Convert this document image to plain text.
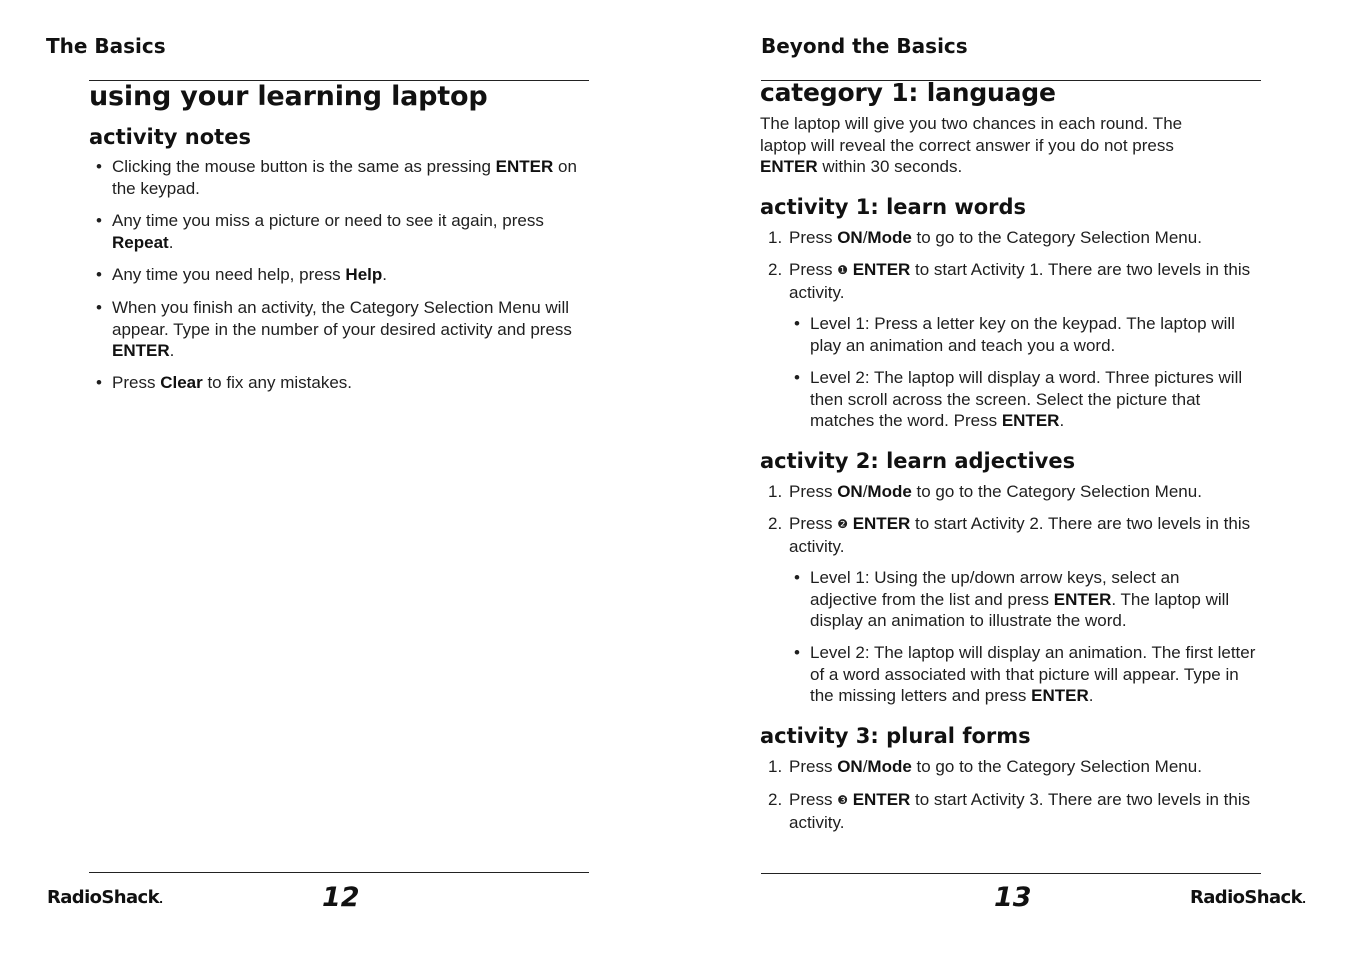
The Basics
using your learning laptop
activity notes
• Clicking the mouse button is the same as pressing ENTER on the keypad.
• Any time you miss a picture or need to see it again, press Repeat.
• Any time you need help, press Help.
• When you finish an activity, the Category Selection Menu will appear. Type in the number of your desired activity and press ENTER.
• Press Clear to fix any mistakes.
RadioShack.	12
Beyond the Basics
category 1: language
The laptop will give you two chances in each round. The laptop will reveal the correct answer if you do not press ENTER within 30 seconds.
activity 1: learn words
1. Press ON/Mode to go to the Category Selection Menu.
2. Press ❶ ENTER to start Activity 1. There are two levels in this activity.
• Level 1: Press a letter key on the keypad. The laptop will play an animation and teach you a word.
• Level 2: The laptop will display a word. Three pictures will then scroll across the screen. Select the picture that matches the word. Press ENTER.
activity 2: learn adjectives
1. Press ON/Mode to go to the Category Selection Menu.
2. Press ❷ ENTER to start Activity 2. There are two levels in this activity.
• Level 1: Using the up/down arrow keys, select an adjective from the list and press ENTER. The laptop will display an animation to illustrate the word.
• Level 2: The laptop will display an animation. The first letter of a word associated with that picture will appear. Type in the missing letters and press ENTER.
activity 3: plural forms
1. Press ON/Mode to go to the Category Selection Menu.
2. Press ❸ ENTER to start Activity 3. There are two levels in this activity.
13	RadioShack.
